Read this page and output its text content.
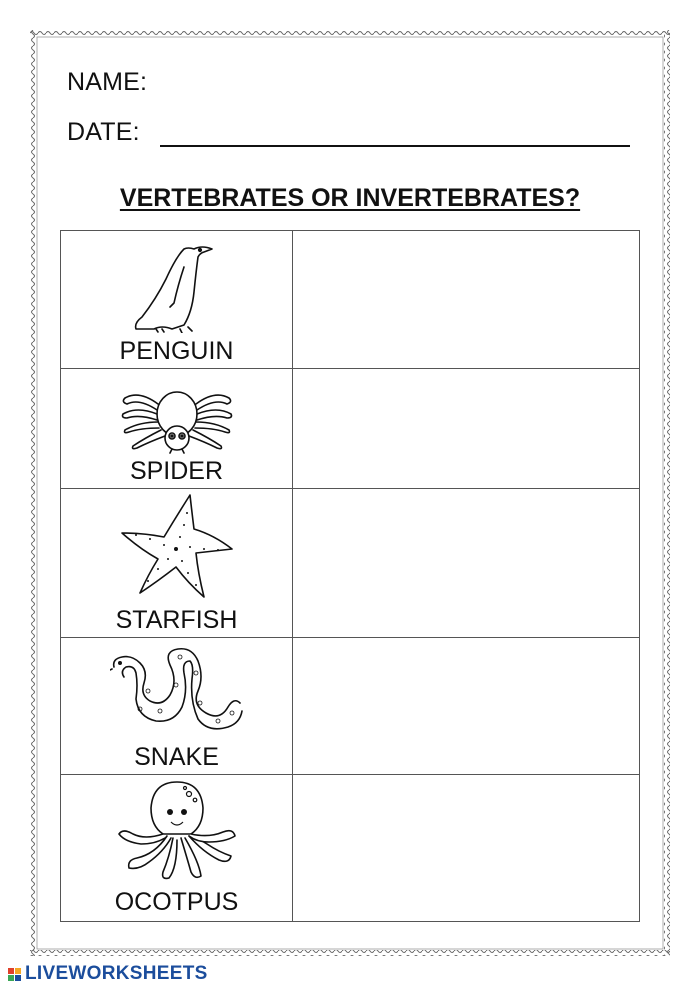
NAME:
DATE:
VERTEBRATES OR INVERTEBRATES?
PENGUIN
SPIDER
STARFISH
SNAKE
OCOTPUS
LIVEWORKSHEETS
